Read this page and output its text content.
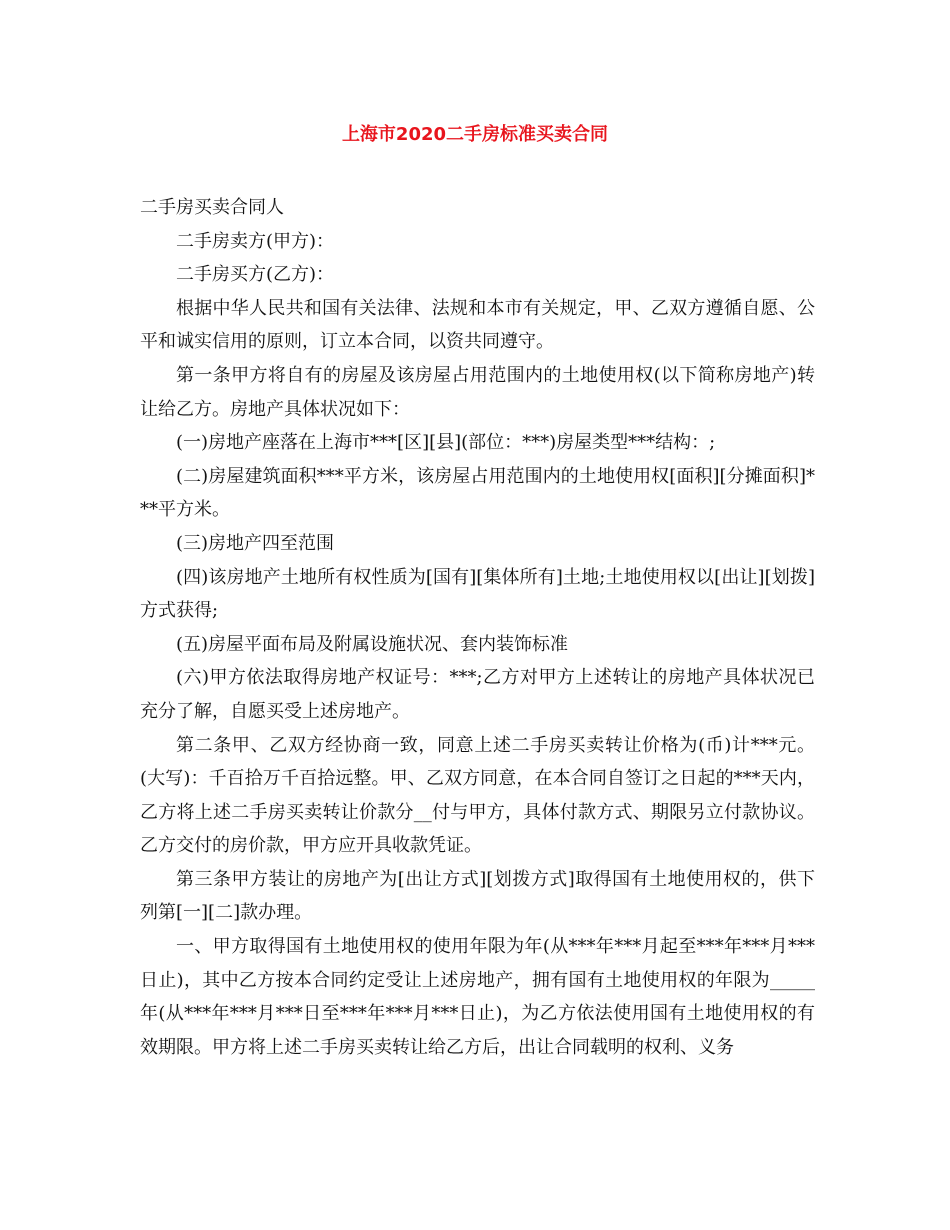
上海市2020二手房标准买卖合同

二手房买卖合同人

二手房卖方(甲方)：

二手房买方(乙方)：

根据中华人民共和国有关法律、法规和本市有关规定，甲、乙双方遵循自愿、公平和诚实信用的原则，订立本合同，以资共同遵守。

第一条甲方将自有的房屋及该房屋占用范围内的土地使用权(以下简称房地产)转让给乙方。房地产具体状况如下：

(一)房地产座落在上海市***[区][县](部位：***)房屋类型***结构：;

(二)房屋建筑面积***平方米，该房屋占用范围内的土地使用权[面积][分摊面积]***平方米。

(三)房地产四至范围

(四)该房地产土地所有权性质为[国有][集体所有]土地;土地使用权以[出让][划拨]方式获得;

(五)房屋平面布局及附属设施状况、套内装饰标准

(六)甲方依法取得房地产权证号：***;乙方对甲方上述转让的房地产具体状况已充分了解，自愿买受上述房地产。

第二条甲、乙双方经协商一致，同意上述二手房买卖转让价格为(币)计***元。(大写)：千百拾万千百拾远整。甲、乙双方同意，在本合同自签订之日起的***天内，乙方将上述二手房买卖转让价款分__付与甲方，具体付款方式、期限另立付款协议。乙方交付的房价款，甲方应开具收款凭证。

第三条甲方装让的房地产为[出让方式][划拨方式]取得国有土地使用权的，供下列第[一][二]款办理。

一、甲方取得国有土地使用权的使用年限为年(从***年***月起至***年***月***日止)，其中乙方按本合同约定受让上述房地产，拥有国有土地使用权的年限为_____年(从***年***月***日至***年***月***日止)，为乙方依法使用国有土地使用权的有效期限。甲方将上述二手房买卖转让给乙方后，出让合同载明的权利、义务
